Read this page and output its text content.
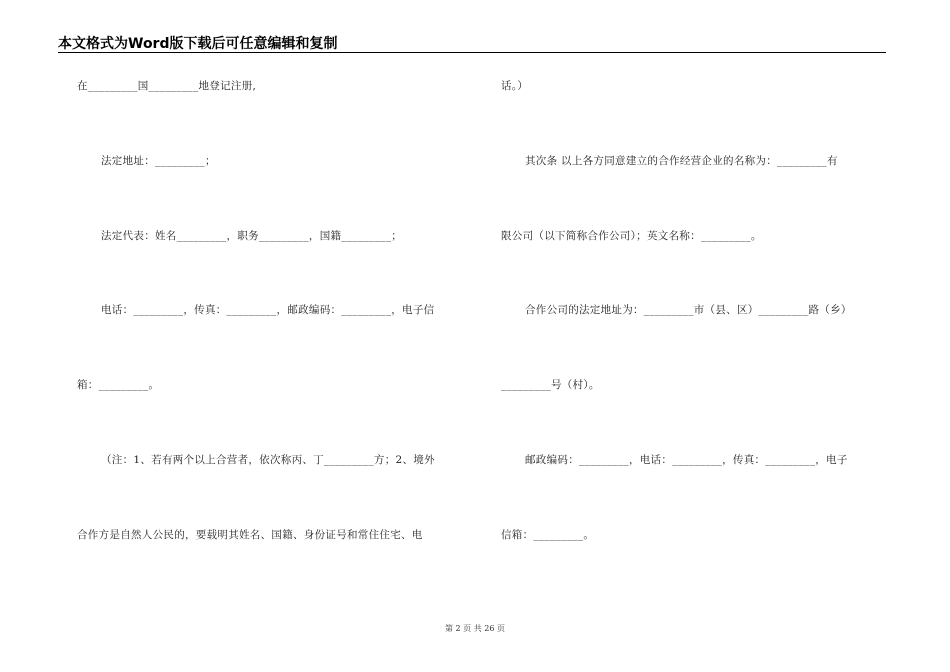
本文格式为Word版下载后可任意编辑和复制
在_________国_________地登记注册,
法定地址：_________；
法定代表：姓名_________，职务_________，国籍_________；
电话：_________，传真：_________，邮政编码：_________，电子信
箱：_________。
（注：1、若有两个以上合营者，依次称丙、丁_________方；2、境外
合作方是自然人公民的，要载明其姓名、国籍、身份证号和常住住宅、电
话。）
其次条 以上各方同意建立的合作经营企业的名称为：_________有
限公司（以下简称合作公司）；英文名称：_________。
合作公司的法定地址为：_________市（县、区）_________路（乡）
_________号（村）。
邮政编码：_________，电话：_________，传真：_________，电子
信箱：_________。
第 2 页 共 26 页
